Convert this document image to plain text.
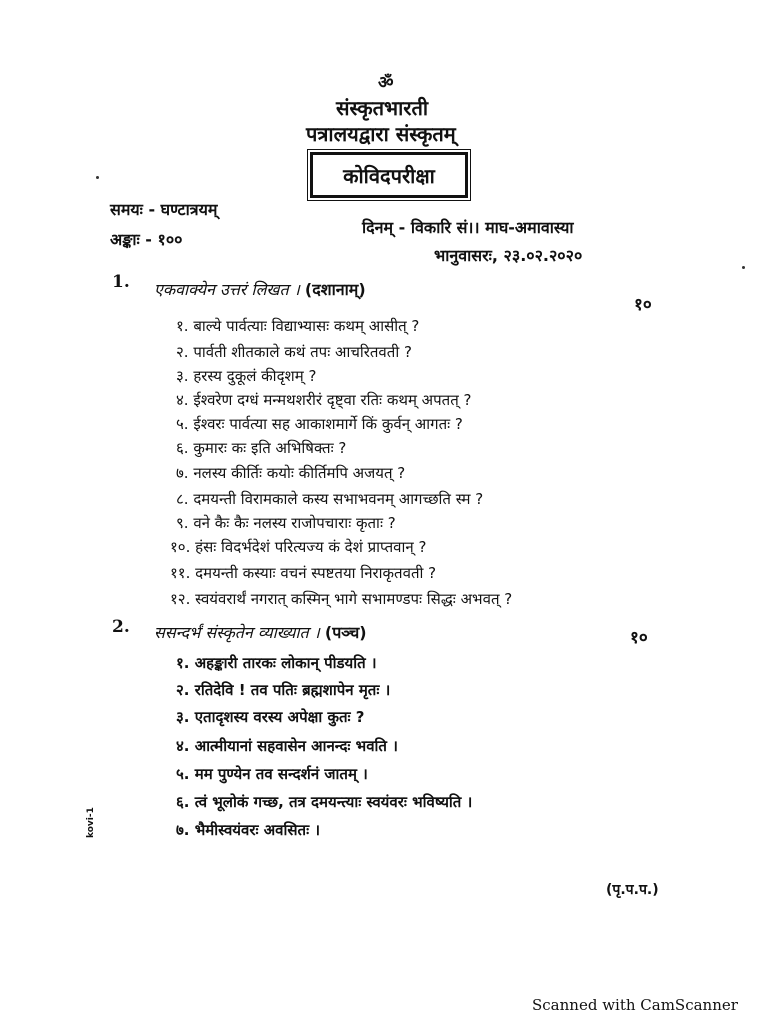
ॐ
संस्कृतभारती
पत्रालयद्वारा संस्कृतम्
कोविदपरीक्षा
समयः - घण्टात्रयम्
अङ्काः - १००
दिनम् - विकारि सं।। माघ-अमावास्या
भानुवासरः, २३.०२.२०२०
1. एकवाक्येन उत्तरं लिखत । (दशानाम्)
१०
१. बाल्ये पार्वत्याः विद्याभ्यासः कथम् आसीत् ?
२. पार्वती शीतकाले कथं तपः आचरितवती ?
३. हरस्य दुकूलं कीदृशम् ?
४. ईश्वरेण दग्धं मन्मथशरीरं दृष्ट्वा रतिः कथम् अपतत् ?
५. ईश्वरः पार्वत्या सह आकाशमार्गे किं कुर्वन् आगतः ?
६. कुमारः कः इति अभिषिक्तः ?
७. नलस्य कीर्तिः कयोः कीर्तिमपि अजयत् ?
८. दमयन्ती विरामकाले कस्य सभाभवनम् आगच्छति स्म ?
९. वने कैः कैः नलस्य राजोपचाराः कृताः ?
१०. हंसः विदर्भदेशं परित्यज्य कं देशं प्राप्तवान् ?
११. दमयन्ती कस्याः वचनं स्पष्टतया निराकृतवती ?
१२. स्वयंवरार्थं नगरात् कस्मिन् भागे सभामण्डपः सिद्धः अभवत् ?
2. ससन्दर्भं संस्कृतेन व्याख्यात । (पञ्च)	१०
१. अहङ्कारी तारकः लोकान् पीडयति ।
२. रतिदेवि ! तव पतिः ब्रह्मशापेन मृतः ।
३. एतादृशस्य वरस्य अपेक्षा कुतः ?
४. आत्मीयानां सहवासेन आनन्दः भवति ।
५. मम पुण्येन तव सन्दर्शनं जातम् ।
६. त्वं भूलोकं गच्छ, तत्र दमयन्त्याः स्वयंवरः भविष्यति ।
७. भैमीस्वयंवरः अवसितः ।
kovi-1
(पृ.प.प.)
Scanned with CamScanner
